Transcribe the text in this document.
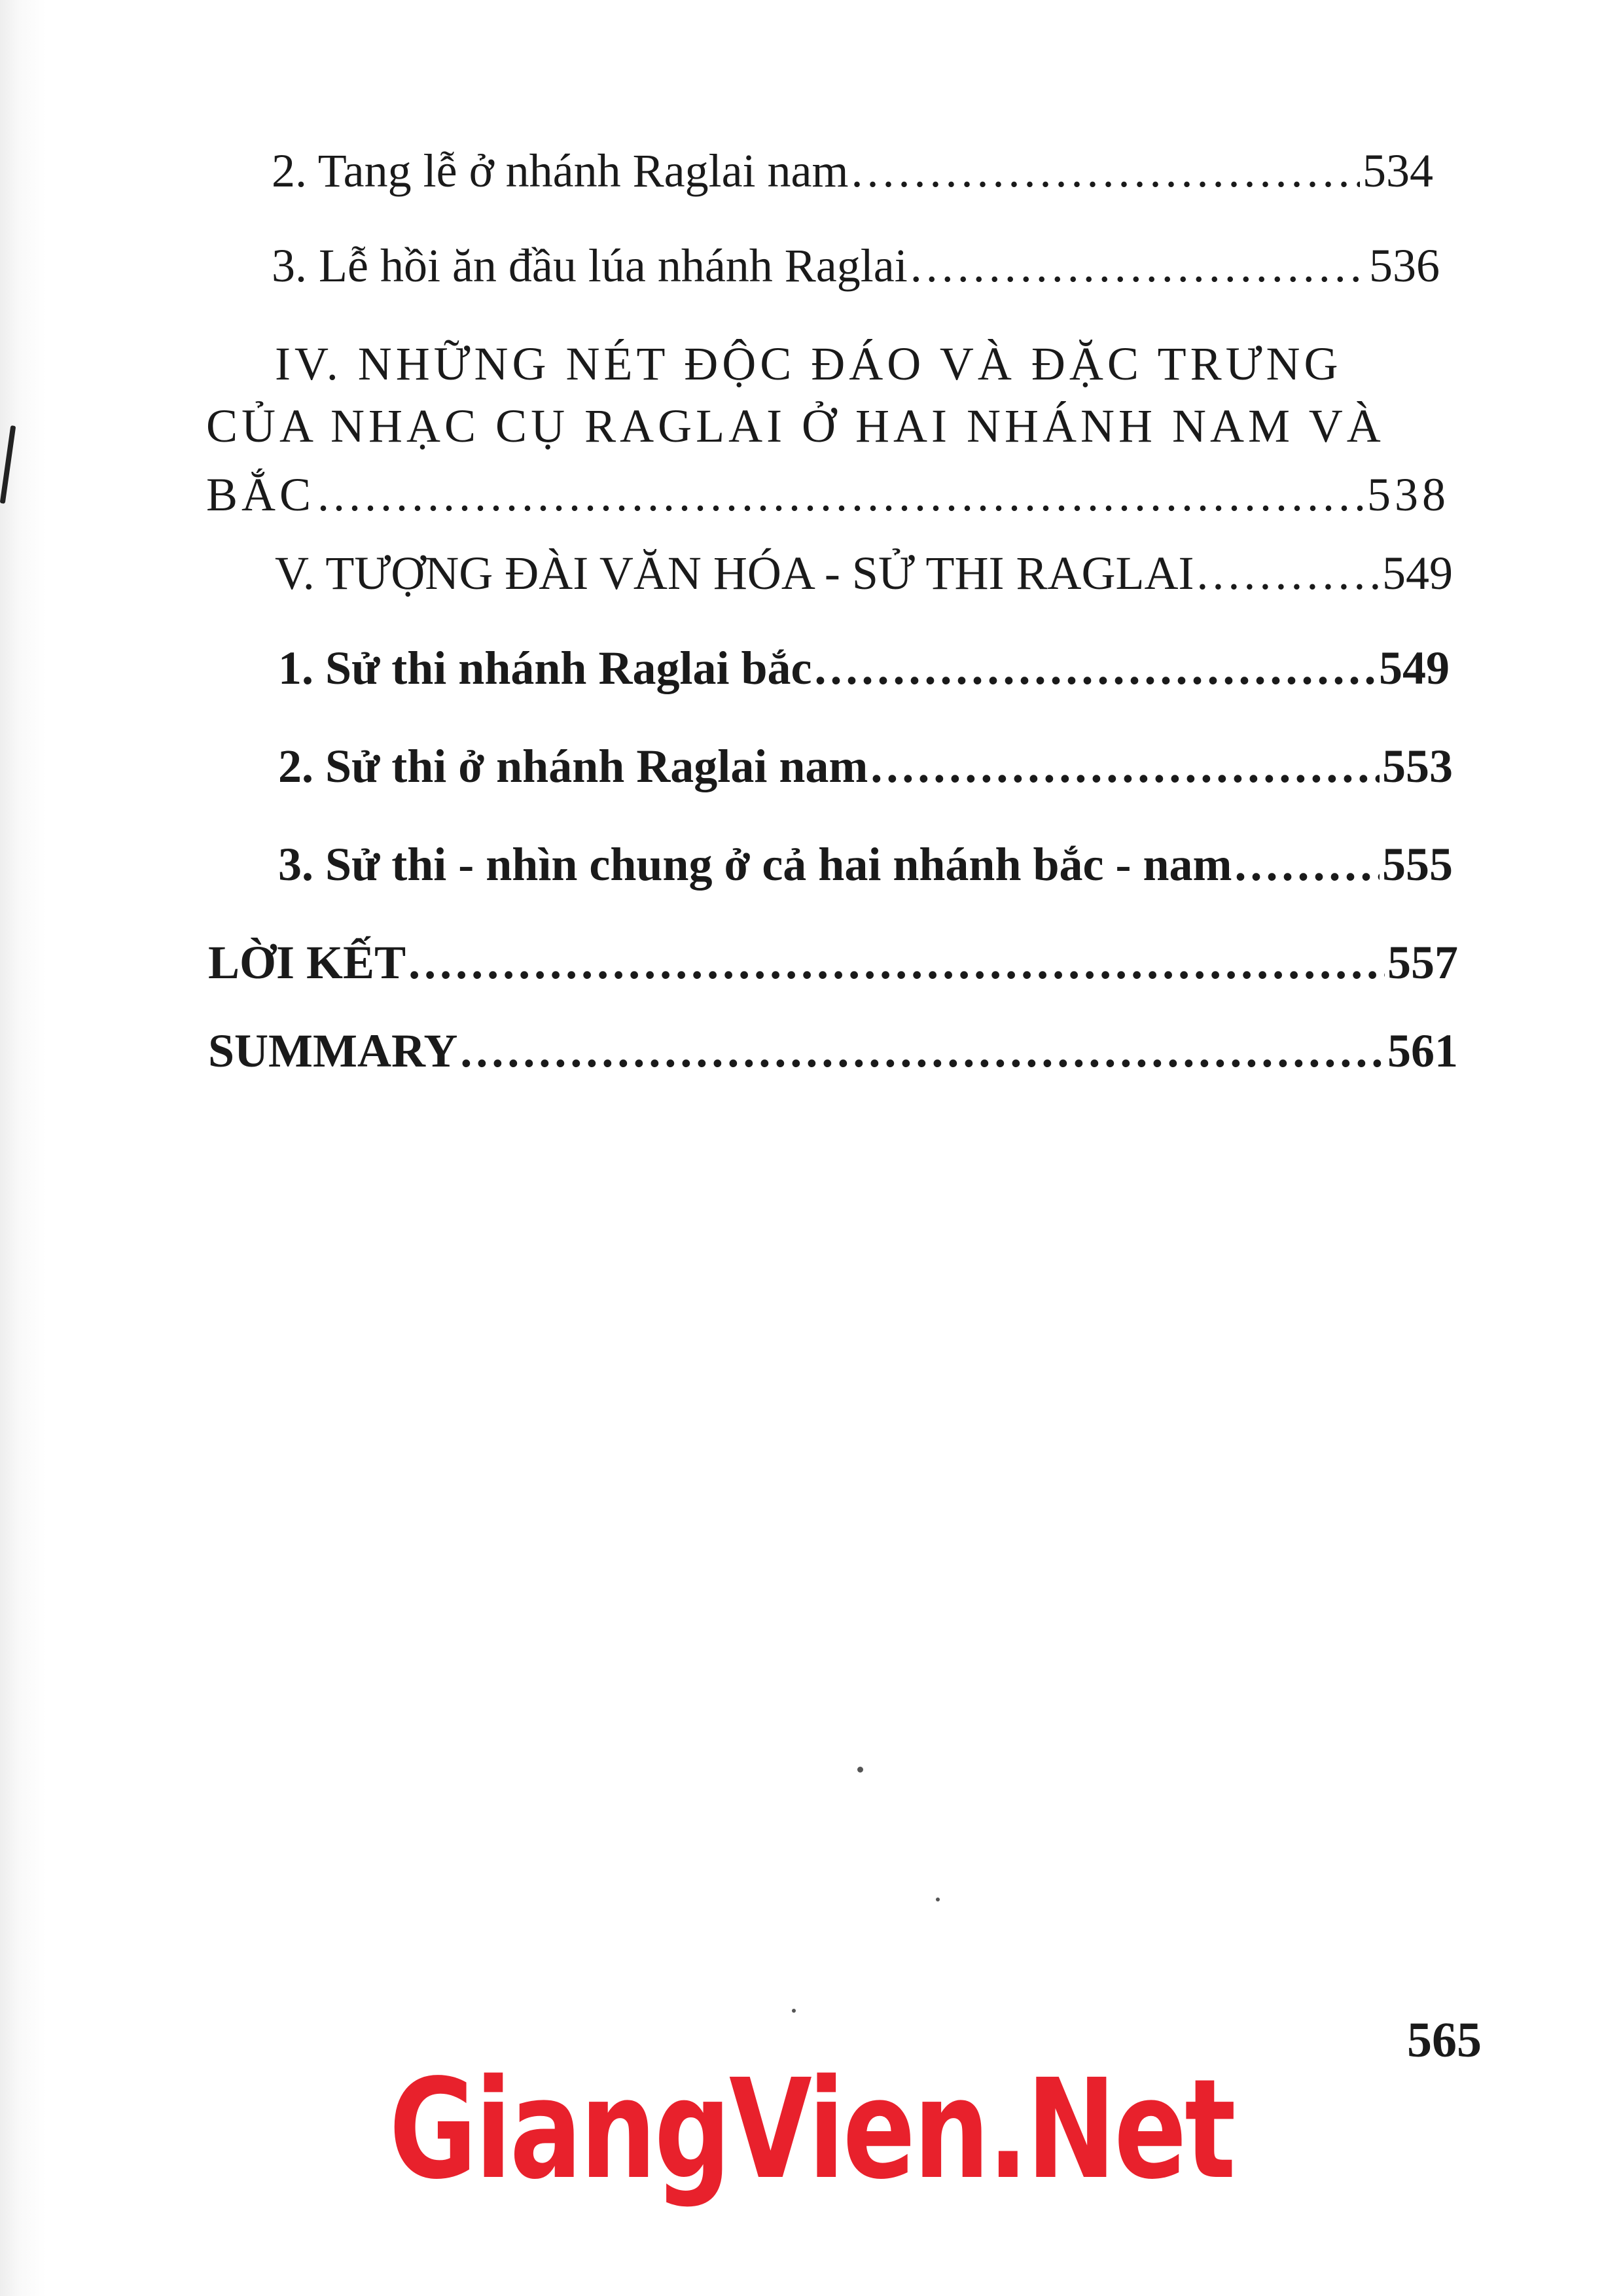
2. Tang lễ ở nhánh Raglai nam .....	534
3. Lễ hồi ăn đầu lúa nhánh Raglai .....	536
IV. NHỮNG NÉT ĐỘC ĐÁO VÀ ĐẶC TRƯNG
CỦA NHẠC CỤ RAGLAI Ở HAI NHÁNH NAM VÀ
BẮC .....	538
V. TƯỢNG ĐÀI VĂN HÓA - SỬ THI RAGLAI .....	549
1. Sử thi nhánh Raglai bắc .....	549
2. Sử thi ở nhánh Raglai nam .....	553
3. Sử thi - nhìn chung ở cả hai nhánh bắc - nam .....	555
LỜI KẾT .....	557
SUMMARY .....	561
565
GiangVien.Net
